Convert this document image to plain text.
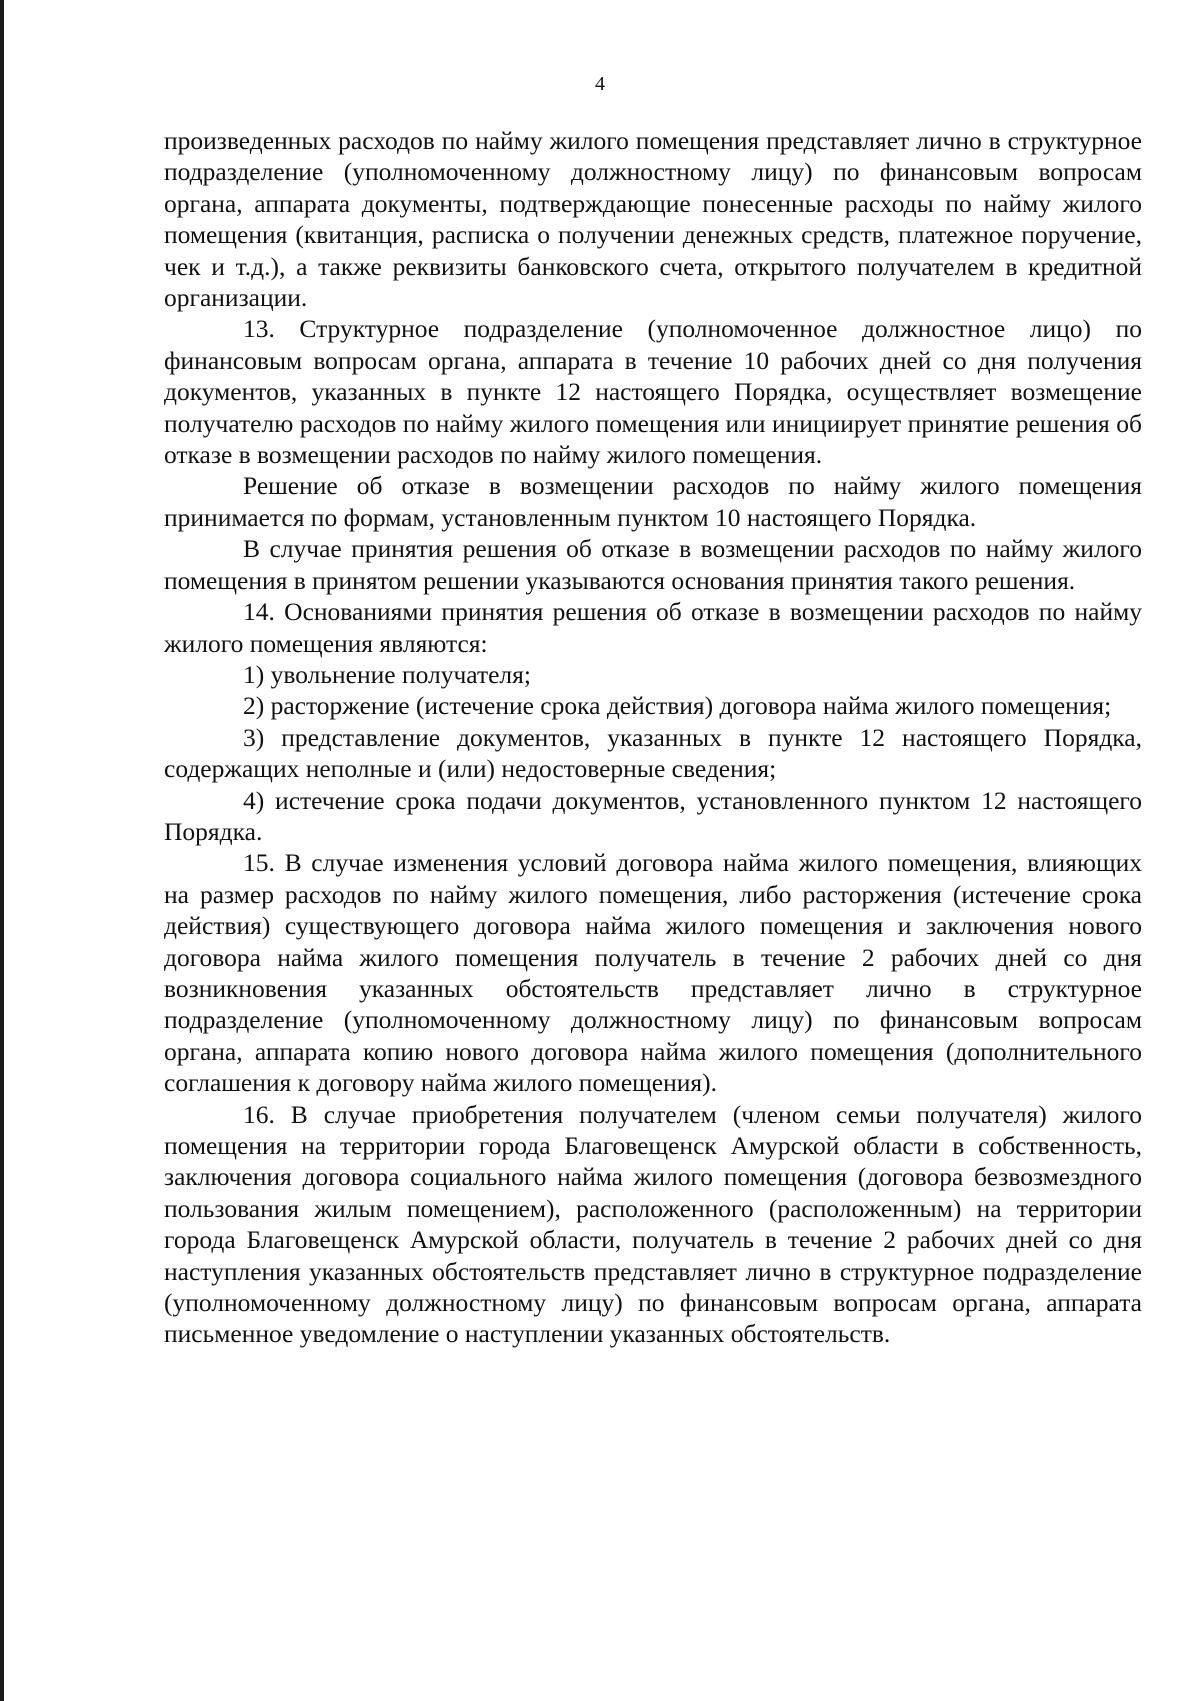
4

произведенных расходов по найму жилого помещения представляет лично в структурное подразделение (уполномоченному должностному лицу) по финансовым вопросам органа, аппарата документы, подтверждающие понесенные расходы по найму жилого помещения (квитанция, расписка о получении денежных средств, платежное поручение, чек и т.д.), а также реквизиты банковского счета, открытого получателем в кредитной организации.

13. Структурное подразделение (уполномоченное должностное лицо) по финансовым вопросам органа, аппарата в течение 10 рабочих дней со дня получения документов, указанных в пункте 12 настоящего Порядка, осуществляет возмещение получателю расходов по найму жилого помещения или инициирует принятие решения об отказе в возмещении расходов по найму жилого помещения.

Решение об отказе в возмещении расходов по найму жилого помещения принимается по формам, установленным пунктом 10 настоящего Порядка.

В случае принятия решения об отказе в возмещении расходов по найму жилого помещения в принятом решении указываются основания принятия такого решения.

14. Основаниями принятия решения об отказе в возмещении расходов по найму жилого помещения являются:

1) увольнение получателя;

2) расторжение (истечение срока действия) договора найма жилого помещения;

3) представление документов, указанных в пункте 12 настоящего Порядка, содержащих неполные и (или) недостоверные сведения;

4) истечение срока подачи документов, установленного пунктом 12 настоящего Порядка.

15. В случае изменения условий договора найма жилого помещения, влияющих на размер расходов по найму жилого помещения, либо расторжения (истечение срока действия) существующего договора найма жилого помещения и заключения нового договора найма жилого помещения получатель в течение 2 рабочих дней со дня возникновения указанных обстоятельств представляет лично в структурное подразделение (уполномоченному должностному лицу) по финансовым вопросам органа, аппарата копию нового договора найма жилого помещения (дополнительного соглашения к договору найма жилого помещения).

16. В случае приобретения получателем (членом семьи получателя) жилого помещения на территории города Благовещенск Амурской области в собственность, заключения договора социального найма жилого помещения (договора безвозмездного пользования жилым помещением), расположенного (расположенным) на территории города Благовещенск Амурской области, получатель в течение 2 рабочих дней со дня наступления указанных обстоятельств представляет лично в структурное подразделение (уполномоченному должностному лицу) по финансовым вопросам органа, аппарата письменное уведомление о наступлении указанных обстоятельств.
